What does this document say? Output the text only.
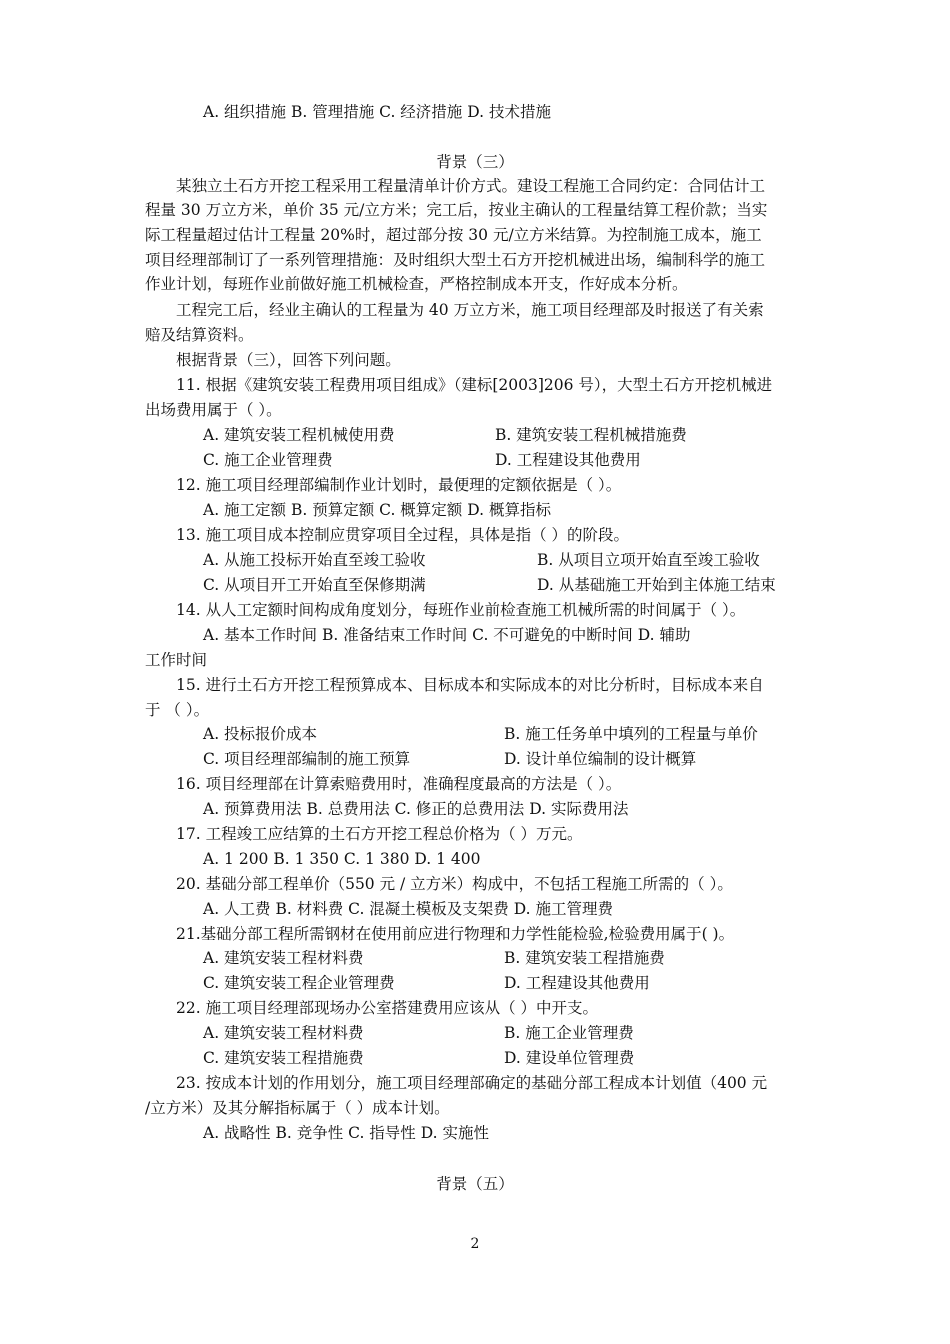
A. 组织措施 B. 管理措施 C. 经济措施 D. 技术措施
背景（三）
某独立土石方开挖工程采用工程量清单计价方式。建设工程施工合同约定：合同估计工
程量 30 万立方米，单价 35 元/立方米；完工后，按业主确认的工程量结算工程价款；当实
际工程量超过估计工程量 20%时，超过部分按 30 元/立方米结算。为控制施工成本，施工
项目经理部制订了一系列管理措施：及时组织大型土石方开挖机械进出场，编制科学的施工
作业计划，每班作业前做好施工机械检查，严格控制成本开支，作好成本分析。
工程完工后，经业主确认的工程量为 40 万立方米，施工项目经理部及时报送了有关索
赔及结算资料。
根据背景（三），回答下列问题。
11. 根据《建筑安装工程费用项目组成》（建标[2003]206 号），大型土石方开挖机械进
出场费用属于（ ）。
A. 建筑安装工程机械使用费	B. 建筑安装工程机械措施费
C. 施工企业管理费	D. 工程建设其他费用
12. 施工项目经理部编制作业计划时，最便理的定额依据是（ ）。
A. 施工定额 B. 预算定额 C. 概算定额 D. 概算指标
13. 施工项目成本控制应贯穿项目全过程，具体是指（ ）的阶段。
A. 从施工投标开始直至竣工验收	B. 从项目立项开始直至竣工验收
C. 从项目开工开始直至保修期满	D. 从基础施工开始到主体施工结束
14. 从人工定额时间构成角度划分，每班作业前检查施工机械所需的时间属于（ ）。
A. 基本工作时间 B. 准备结束工作时间 C. 不可避免的中断时间 D. 辅助
工作时间
15. 进行土石方开挖工程预算成本、目标成本和实际成本的对比分析时，目标成本来自
于 （ ）。
A. 投标报价成本	B. 施工任务单中填列的工程量与单价
C. 项目经理部编制的施工预算	D. 设计单位编制的设计概算
16. 项目经理部在计算索赔费用时，准确程度最高的方法是（ ）。
A. 预算费用法 B. 总费用法 C. 修正的总费用法 D. 实际费用法
17. 工程竣工应结算的土石方开挖工程总价格为（ ）万元。
A. 1 200 B. 1 350 C. 1 380 D. 1 400
20. 基础分部工程单价（550 元 / 立方米）构成中，不包括工程施工所需的（ ）。
A. 人工费 B. 材料费 C. 混凝土模板及支架费 D. 施工管理费
21.基础分部工程所需钢材在使用前应进行物理和力学性能检验,检验费用属于( )。
A. 建筑安装工程材料费	B. 建筑安装工程措施费
C. 建筑安装工程企业管理费	D. 工程建设其他费用
22. 施工项目经理部现场办公室搭建费用应该从（ ）中开支。
A. 建筑安装工程材料费	B. 施工企业管理费
C. 建筑安装工程措施费	D. 建设单位管理费
23. 按成本计划的作用划分，施工项目经理部确定的基础分部工程成本计划值（400 元
/立方米）及其分解指标属于（ ）成本计划。
A. 战略性 B. 竞争性 C. 指导性 D. 实施性
背景（五）
2
